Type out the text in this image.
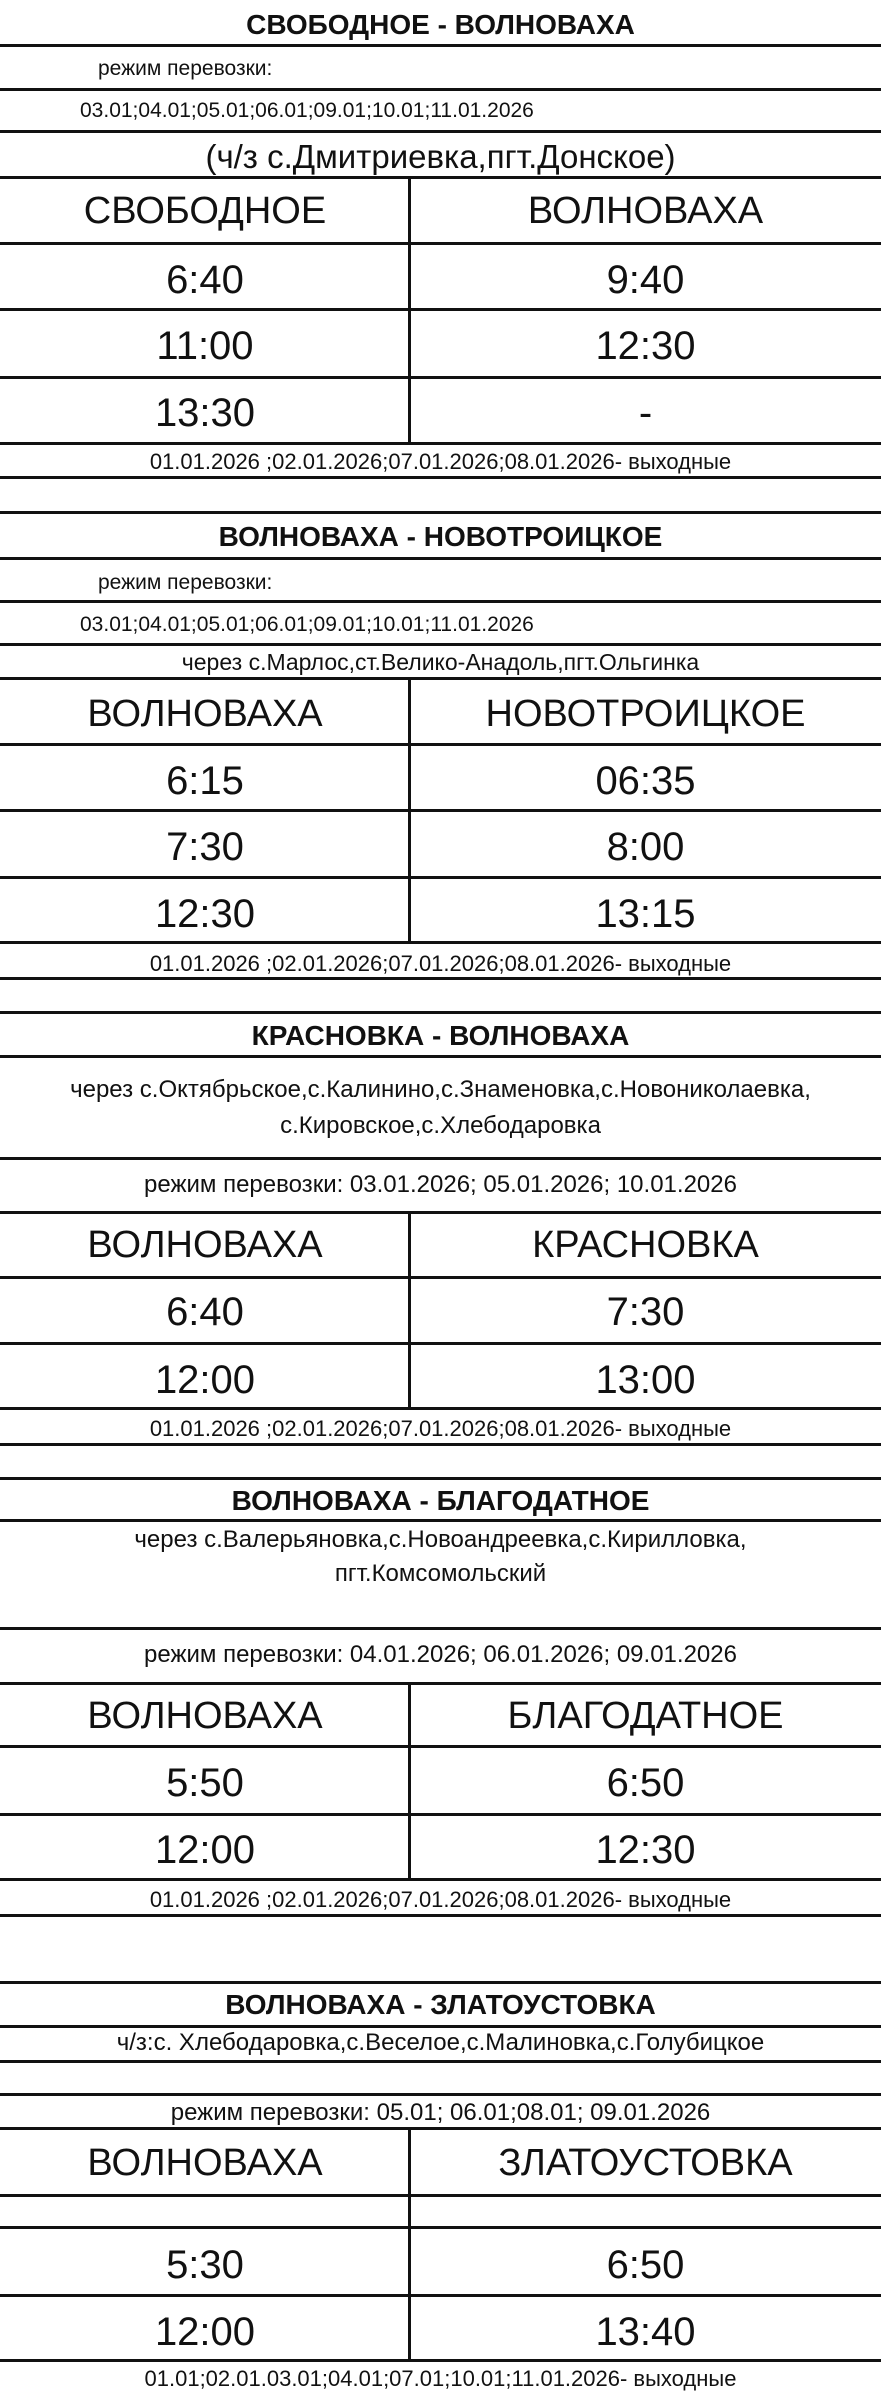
СВОБОДНОЕ - ВОЛНОВАХА
режим перевозки:
03.01;04.01;05.01;06.01;09.01;10.01;11.01.2026
(ч/з с.Дмитриевка,пгт.Донское)
СВОБОДНОЕ	ВОЛНОВАХА
6:40	9:40
11:00	12:30
13:30	-
01.01.2026 ;02.01.2026;07.01.2026;08.01.2026- выходные
ВОЛНОВАХА - НОВОТРОИЦКОЕ
режим перевозки:
03.01;04.01;05.01;06.01;09.01;10.01;11.01.2026
через с.Марлос,ст.Велико-Анадоль,пгт.Ольгинка
ВОЛНОВАХА	НОВОТРОИЦКОЕ
6:15	06:35
7:30	8:00
12:30	13:15
01.01.2026 ;02.01.2026;07.01.2026;08.01.2026- выходные
КРАСНОВКА - ВОЛНОВАХА
через с.Октябрьское,с.Калинино,с.Знаменовка,с.Новониколаевка,
с.Кировское,с.Хлебодаровка
режим перевозки: 03.01.2026; 05.01.2026; 10.01.2026
ВОЛНОВАХА	КРАСНОВКА
6:40	7:30
12:00	13:00
01.01.2026 ;02.01.2026;07.01.2026;08.01.2026- выходные
ВОЛНОВАХА - БЛАГОДАТНОЕ
через с.Валерьяновка,с.Новоандреевка,с.Кирилловка,
пгт.Комсомольский
режим перевозки: 04.01.2026; 06.01.2026; 09.01.2026
ВОЛНОВАХА	БЛАГОДАТНОЕ
5:50	6:50
12:00	12:30
01.01.2026 ;02.01.2026;07.01.2026;08.01.2026- выходные
ВОЛНОВАХА - ЗЛАТОУСТОВКА
ч/з:с. Хлебодаровка,с.Веселое,с.Малиновка,с.Голубицкое
режим перевозки: 05.01; 06.01;08.01; 09.01.2026
ВОЛНОВАХА	ЗЛАТОУСТОВКА
5:30	6:50
12:00	13:40
01.01;02.01.03.01;04.01;07.01;10.01;11.01.2026- выходные
